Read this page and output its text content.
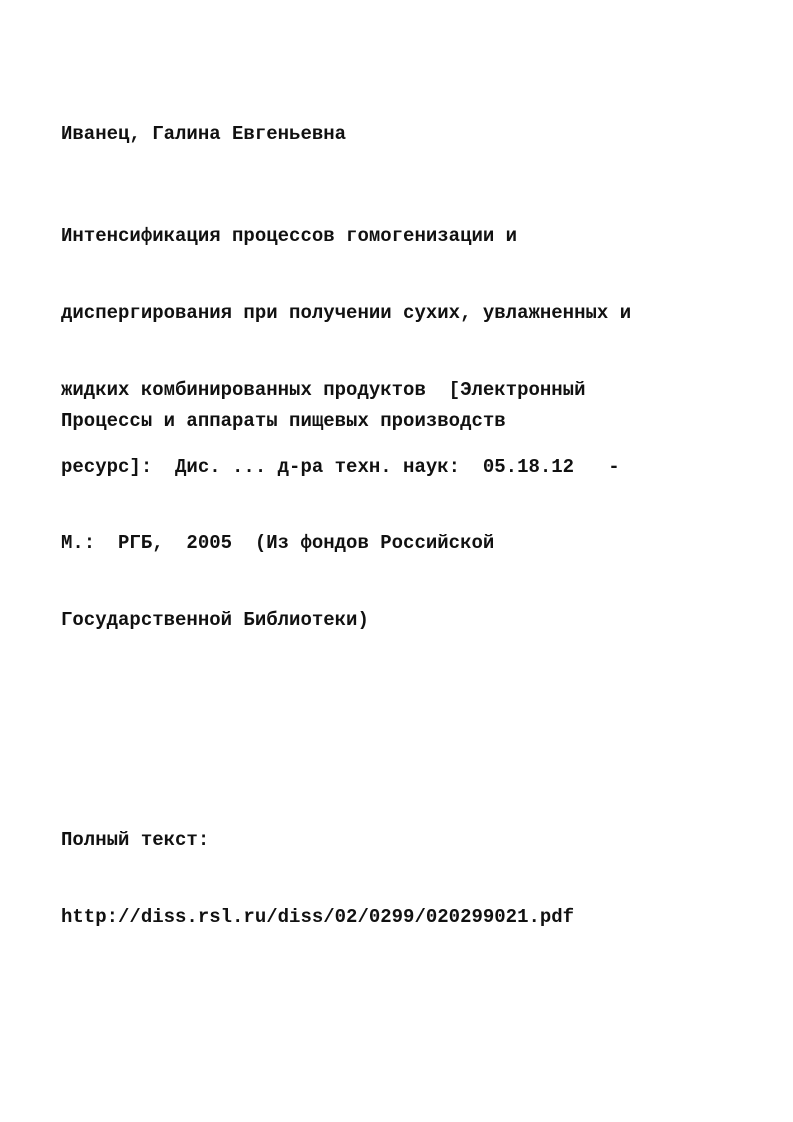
Иванец, Галина Евгеньевна

Интенсификация процессов гомогенизации и

диспергирования при получении сухих, увлажненных и

жидких комбинированных продуктов  [Электронный

ресурс]:  Дис. ... д-ра техн. наук:  05.18.12   -

М.:  РГБ,  2005  (Из фондов Российской

Государственной Библиотеки)

Процессы и аппараты пищевых производств

Полный текст:

http://diss.rsl.ru/diss/02/0299/020299021.pdf
